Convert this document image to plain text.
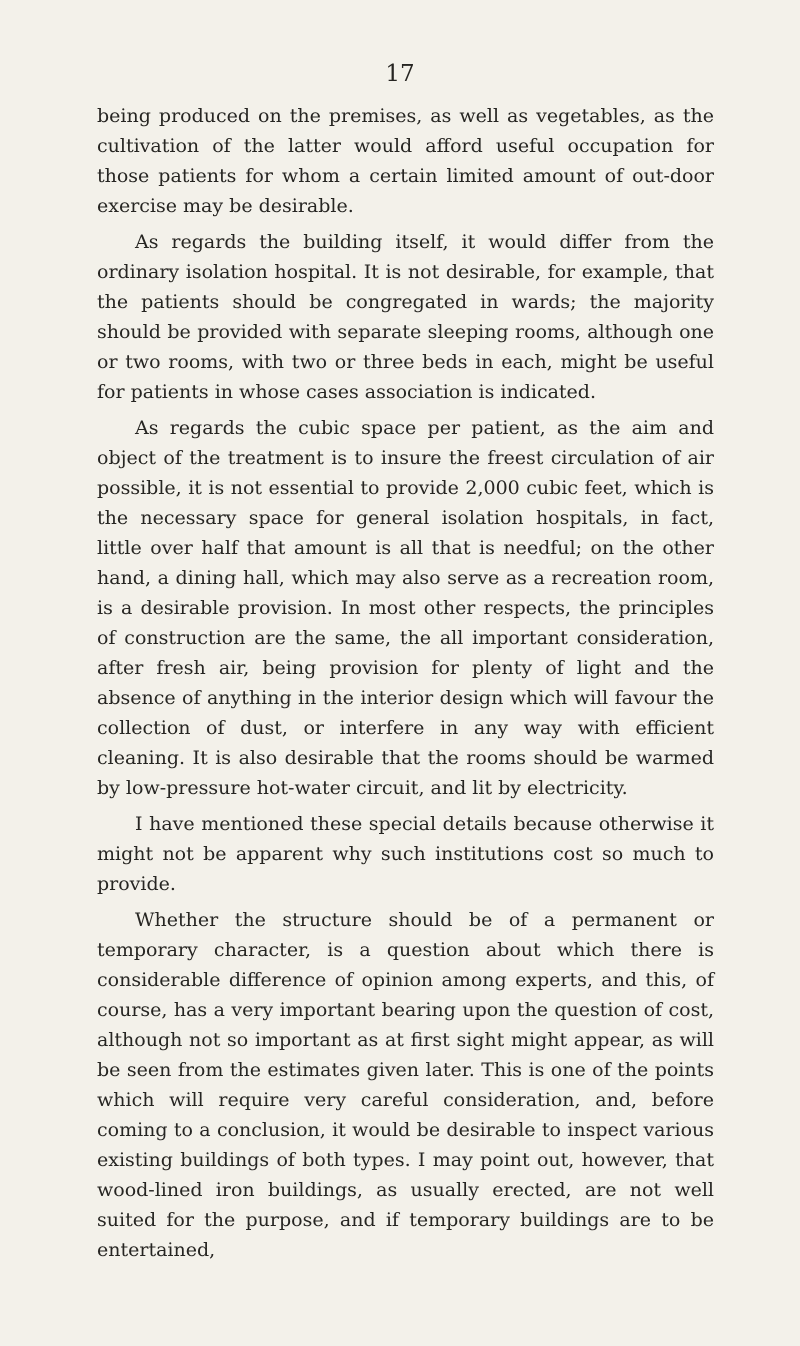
17

being produced on the premises, as well as vegetables, as the cultivation of the latter would afford useful occupation for those patients for whom a certain limited amount of out-door exercise may be desirable.

As regards the building itself, it would differ from the ordinary isolation hospital. It is not desirable, for example, that the patients should be congregated in wards; the majority should be provided with separate sleeping rooms, although one or two rooms, with two or three beds in each, might be useful for patients in whose cases association is indicated.

As regards the cubic space per patient, as the aim and object of the treatment is to insure the freest circulation of air possible, it is not essential to provide 2,000 cubic feet, which is the necessary space for general isolation hospitals, in fact, little over half that amount is all that is needful; on the other hand, a dining hall, which may also serve as a recreation room, is a desirable provision. In most other respects, the principles of construction are the same, the all important consideration, after fresh air, being provision for plenty of light and the absence of anything in the interior design which will favour the collection of dust, or interfere in any way with efficient cleaning. It is also desirable that the rooms should be warmed by low-pressure hot-water circuit, and lit by electricity.

I have mentioned these special details because otherwise it might not be apparent why such institutions cost so much to provide.

Whether the structure should be of a permanent or temporary character, is a question about which there is considerable difference of opinion among experts, and this, of course, has a very important bearing upon the question of cost, although not so important as at first sight might appear, as will be seen from the estimates given later. This is one of the points which will require very careful consideration, and, before coming to a conclusion, it would be desirable to inspect various existing buildings of both types. I may point out, however, that wood-lined iron buildings, as usually erected, are not well suited for the purpose, and if temporary buildings are to be entertained,
